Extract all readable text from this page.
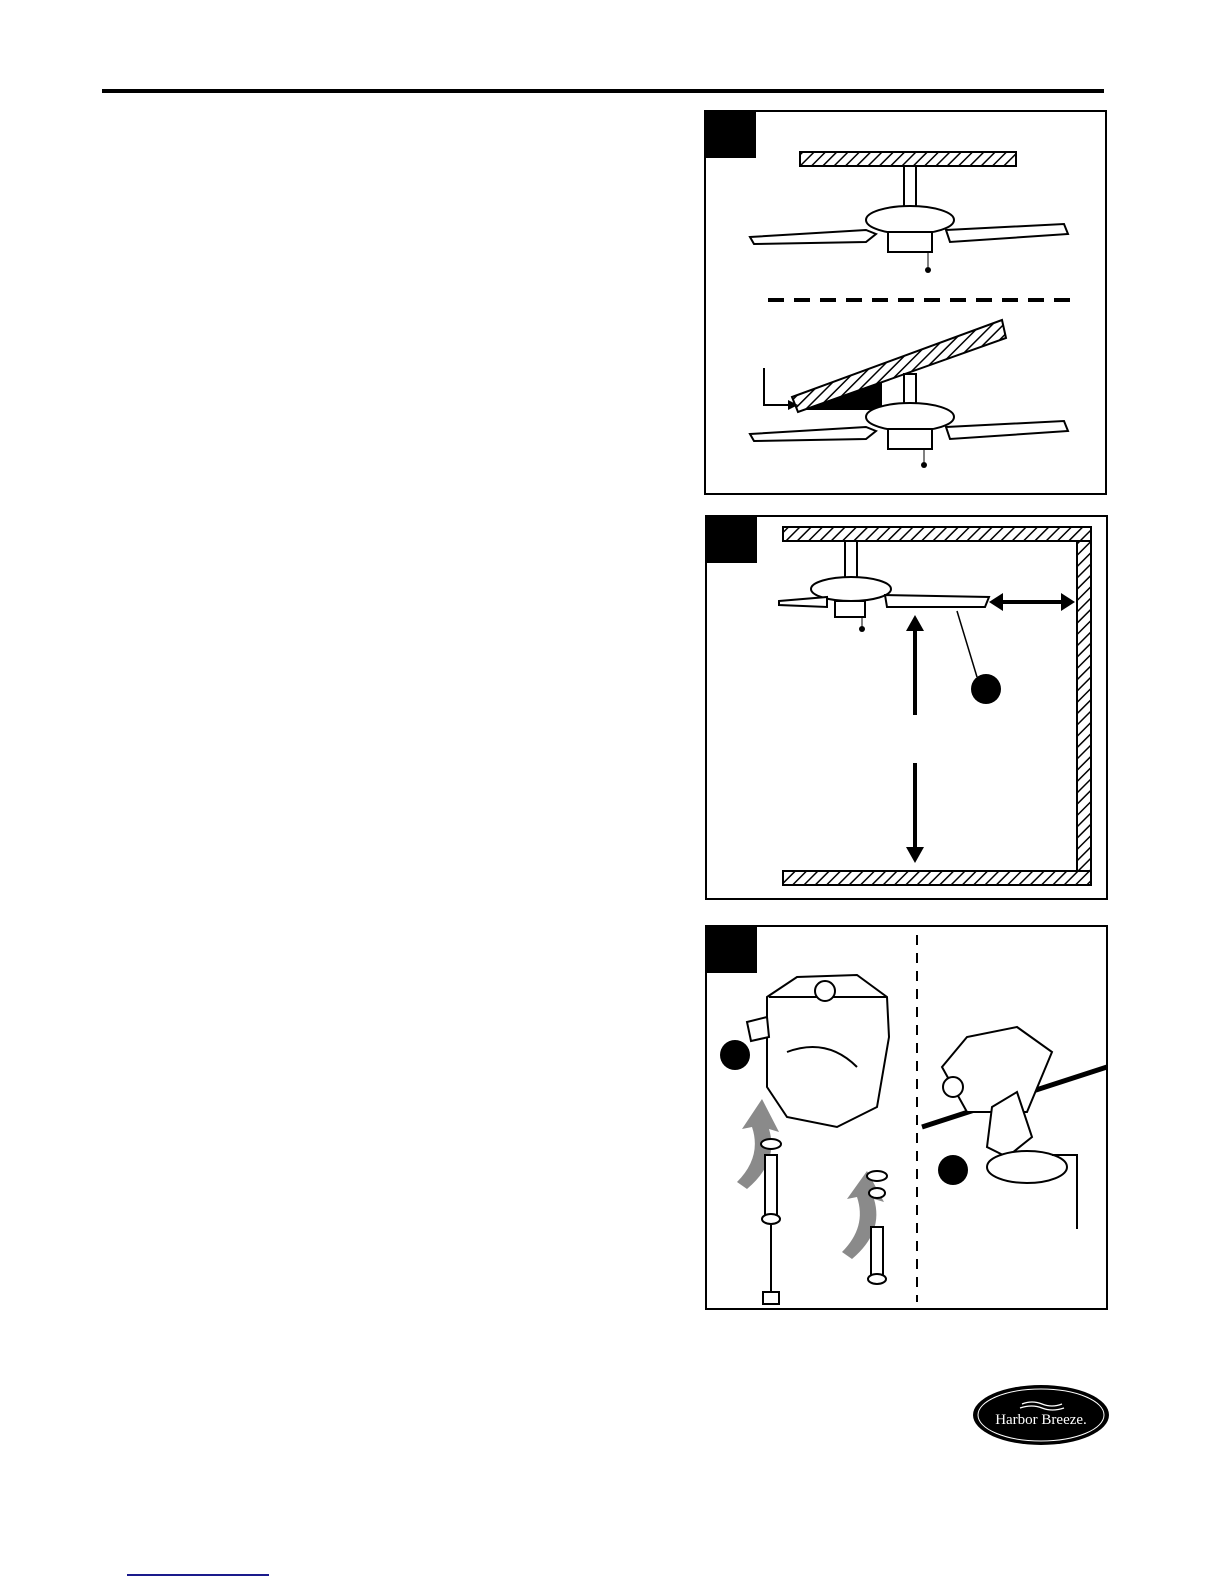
Harbor Breeze.
